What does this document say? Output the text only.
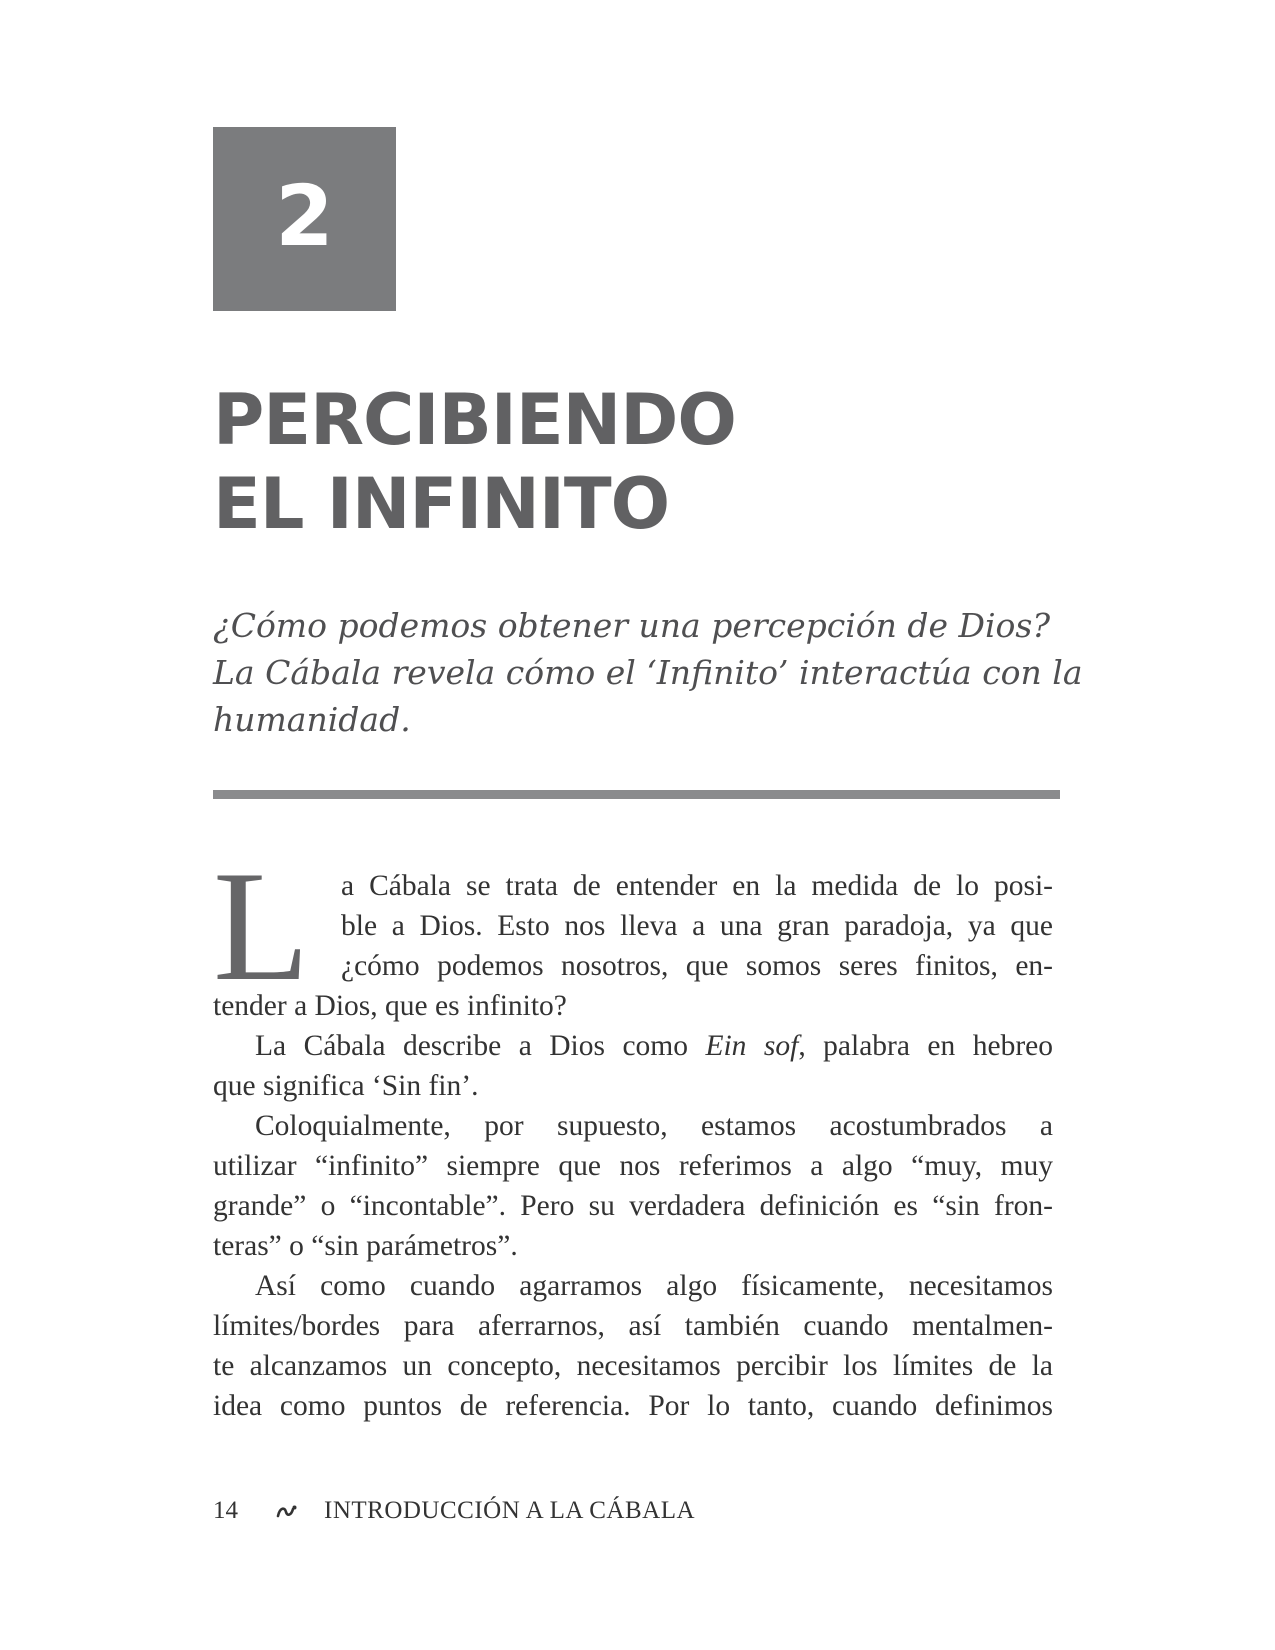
2
PERCIBIENDO
EL INFINITO

¿Cómo podemos obtener una percepción de Dios?
La Cábala revela cómo el ‘Infinito’ interactúa con la
humanidad.

L	a Cábala se trata de entender en la medida de lo posi-
ble a Dios. Esto nos lleva a una gran paradoja, ya que
¿cómo podemos nosotros, que somos seres finitos, en-
tender a Dios, que es infinito?
La Cábala describe a Dios como Ein sof, palabra en hebreo
que significa ‘Sin fin’.
Coloquialmente, por supuesto, estamos acostumbrados a
utilizar “infinito” siempre que nos referimos a algo “muy, muy
grande” o “incontable”. Pero su verdadera definición es “sin fron-
teras” o “sin parámetros”.
Así como cuando agarramos algo físicamente, necesitamos
límites/bordes para aferrarnos, así también cuando mentalmen-
te alcanzamos un concepto, necesitamos percibir los límites de la
idea como puntos de referencia. Por lo tanto, cuando definimos
14	INTRODUCCIÓN A LA CÁBALA
